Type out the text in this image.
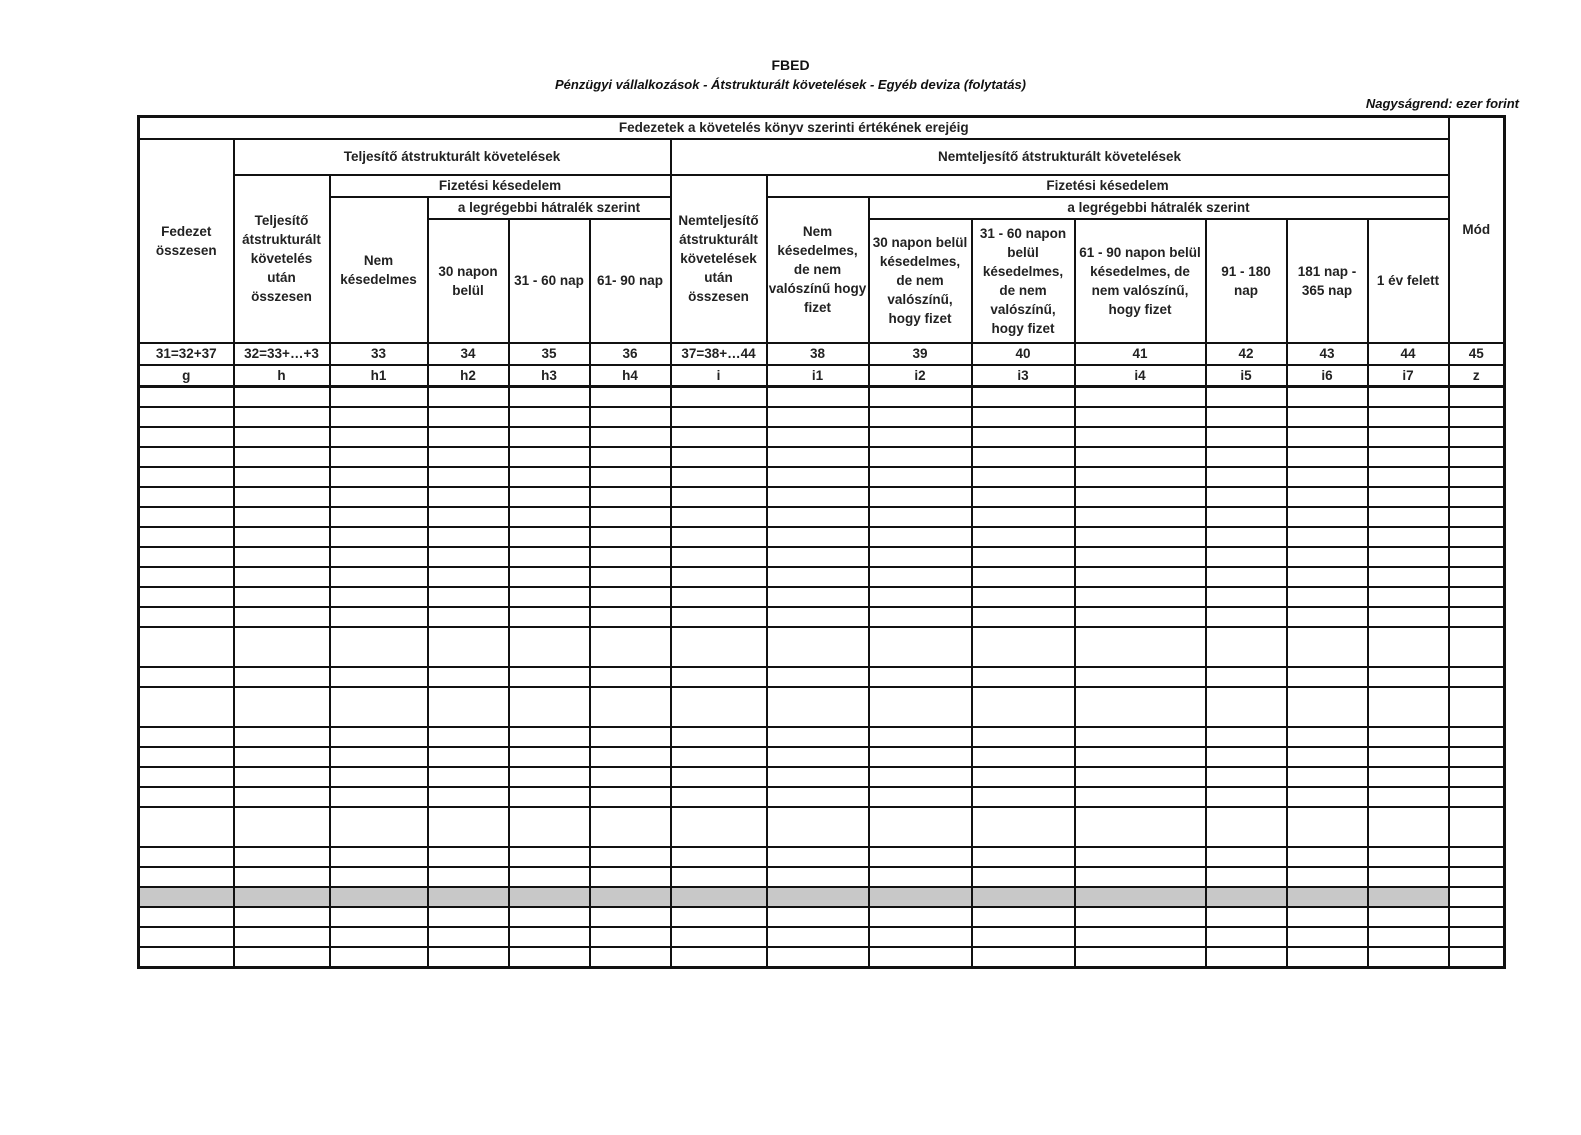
FBED
Pénzügyi vállalkozások - Átstrukturált követelések - Egyéb deviza (folytatás)
Nagyságrend: ezer forint
Fedezetek a követelés könyv szerinti értékének erejéig														Mód
Fedezet összesen	Teljesítő átstrukturált követelések					Nemteljesítő átstrukturált követelések								
	Teljesítő átstrukturált követelés után összesen	Fizetési késedelem				Nemteljesítő átstrukturált követelések után összesen	Fizetési késedelem							
		Nem késedelmes	a legrégebbi hátralék szerint				Nem késedelmes, de nem valószínű hogy fizet	a legrégebbi hátralék szerint						
			30 napon belül	31 - 60 nap	61- 90 nap			30 napon belül késedelmes, de nem valószínű, hogy fizet	31 - 60 napon belül késedelmes, de nem valószínű, hogy fizet	61 - 90 napon belül késedelmes, de nem valószínű, hogy fizet	91 - 180 nap	181 nap - 365 nap	1 év felett	

31=32+37	32=33+…+3	33	34	35	36	37=38+…44	38	39	40	41	42	43	44	45
g	h	h1	h2	h3	h4	i	i1	i2	i3	i4	i5	i6	i7	z
